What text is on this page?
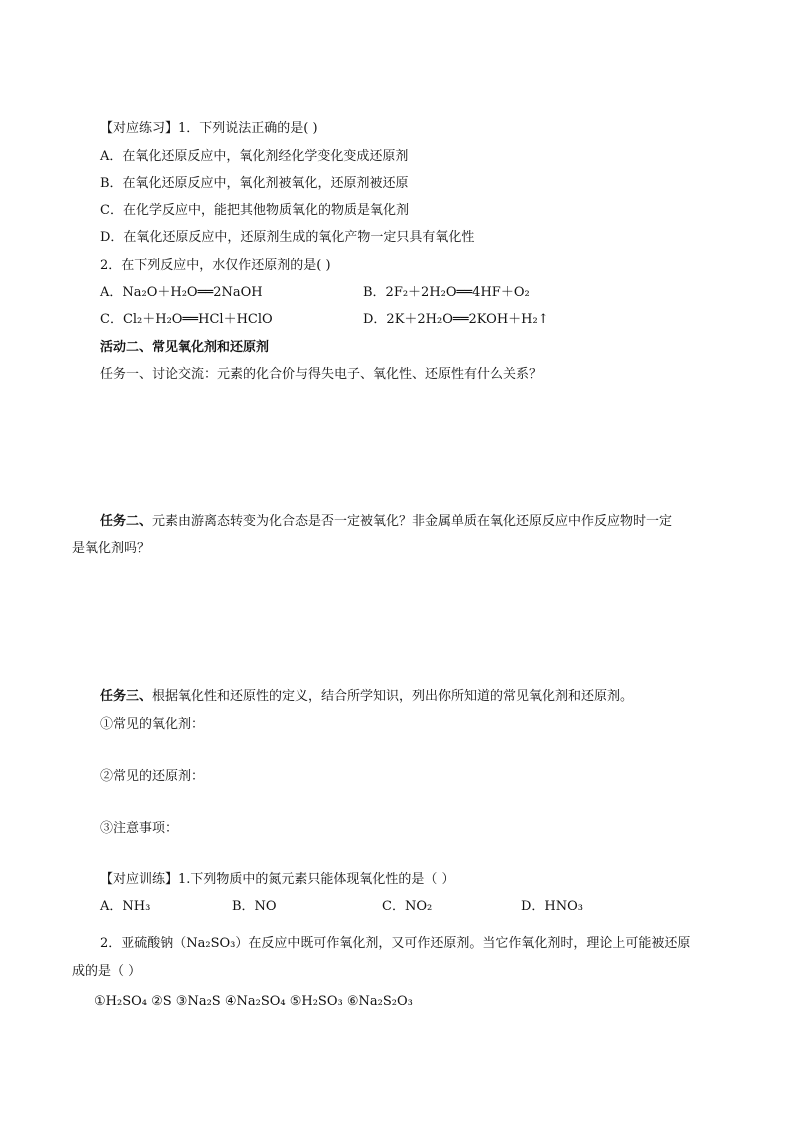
【对应练习】1．下列说法正确的是( )
A．在氧化还原反应中，氧化剂经化学变化变成还原剂
B．在氧化还原反应中，氧化剂被氧化，还原剂被还原
C．在化学反应中，能把其他物质氧化的物质是氧化剂
D．在氧化还原反应中，还原剂生成的氧化产物一定只具有氧化性
2．在下列反应中，水仅作还原剂的是( )
A．Na₂O＋H₂O══2NaOH	B．2F₂＋2H₂O══4HF＋O₂
C．Cl₂＋H₂O══HCl＋HClO	D．2K＋2H₂O══2KOH＋H₂↑
活动二、常见氧化剂和还原剂
任务一、讨论交流：元素的化合价与得失电子、氧化性、还原性有什么关系？
任务二、元素由游离态转变为化合态是否一定被氧化？非金属单质在氧化还原反应中作反应物时一定
是氧化剂吗？
任务三、根据氧化性和还原性的定义，结合所学知识，列出你所知道的常见氧化剂和还原剂。
①常见的氧化剂：
②常见的还原剂：
③注意事项：
【对应训练】1.下列物质中的氮元素只能体现氧化性的是（ ）
A．NH₃	B．NO	C．NO₂	D．HNO₃
2．亚硫酸钠（Na₂SO₃）在反应中既可作氧化剂，又可作还原剂。当它作氧化剂时，理论上可能被还原
成的是（ ）
①H₂SO₄ ②S ③Na₂S ④Na₂SO₄ ⑤H₂SO₃ ⑥Na₂S₂O₃
